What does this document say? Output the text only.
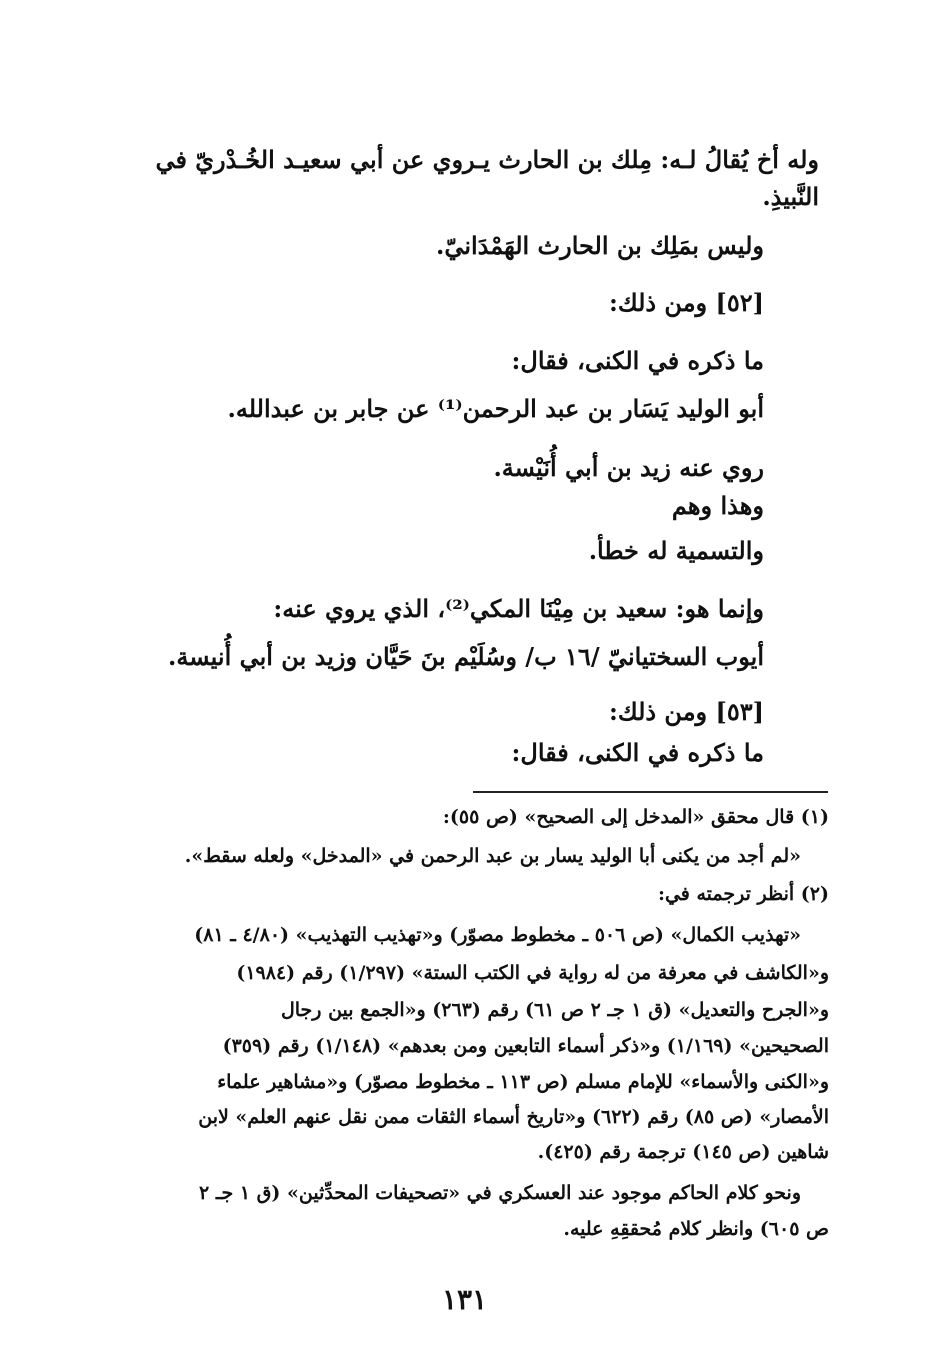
وله أخ يُقالُ لـه: مِلك بن الحارث يـروي عن أبي سعيـد الخُـدْريّ في
النَّبيذِ.
وليس بمَلِك بن الحارث الهَمْدَانيّ.
[٥٢] ومن ذلك:
ما ذكره في الكنى، فقال:
أبو الوليد يَسَار بن عبد الرحمن⁽¹⁾ عن جابر بن عبدالله.
روي عنه زيد بن أبي أُنَيْسة.
وهذا وهم
والتسمية له خطأ.
وإنما هو: سعيد بن مِيْنَا المكي⁽²⁾، الذي يروي عنه:
أيوب السختيانيّ /١٦ ب/ وسُلَيْم بنَ حَيَّان وزيد بن أبي أُنيسة.
[٥٣] ومن ذلك:
ما ذكره في الكنى، فقال:
(١) قال محقق «المدخل إلى الصحيح» (ص ٥٥):
«لم أجد من يكنى أبا الوليد يسار بن عبد الرحمن في «المدخل» ولعله سقط».
(٢) أنظر ترجمته في:
«تهذيب الكمال» (ص ٥٠٦ ـ مخطوط مصوّر) و«تهذيب التهذيب» (٤/٨٠ ـ ٨١)
و«الكاشف في معرفة من له رواية في الكتب الستة» (١/٢٩٧) رقم (١٩٨٤)
و«الجرح والتعديل» (ق ١ جـ ٢ ص ٦١) رقم (٢٦٣) و«الجمع بين رجال
الصحيحين» (١/١٦٩) و«ذكر أسماء التابعين ومن بعدهم» (١/١٤٨) رقم (٣٥٩)
و«الكنى والأسماء» للإمام مسلم (ص ١١٣ ـ مخطوط مصوّر) و«مشاهير علماء
الأمصار» (ص ٨٥) رقم (٦٢٢) و«تاريخ أسماء الثقات ممن نقل عنهم العلم» لابن
شاهين (ص ١٤٥) ترجمة رقم (٤٢٥).
ونحو كلام الحاكم موجود عند العسكري في «تصحيفات المحدِّثين» (ق ١ جـ ٢
ص ٦٠٥) وانظر كلام مُحققِهِ عليه.
١٣١
